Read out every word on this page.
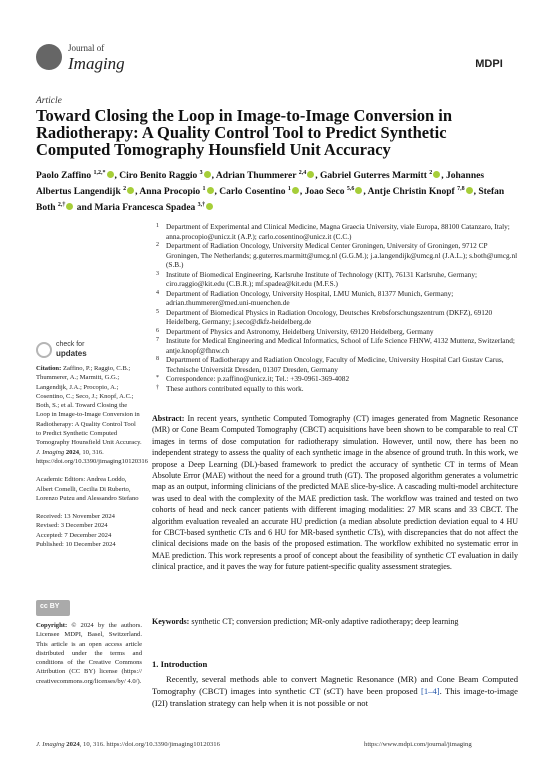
Journal of
Imaging	MDPI
Article
Toward Closing the Loop in Image-to-Image Conversion in Radiotherapy: A Quality Control Tool to Predict Synthetic Computed Tomography Hounsfield Unit Accuracy
Paolo Zaffino $^{1,2,*}$ , Ciro Benito Raggio $^3$ , Adrian Thummerer $^{2,4}$ , Gabriel Guterres Marmitt $^2$ , Johannes Albertus Langendijk $^2$ , Anna Procopio $^1$ , Carlo Cosentino $^1$ , Joao Seco $^{5,6}$ , Antje Christin Knopf $^{7,8}$ , Stefan Both $^{2,\dagger}$ and Maria Francesca Spadea $^{3,\dagger}$
1 Department of Experimental and Clinical Medicine, Magna Graecia University, viale Europa, 88100 Catanzaro, Italy; anna.procopio@unicz.it (A.P.); carlo.cosentino@unicz.it (C.C.)
2 Department of Radiation Oncology, University Medical Center Groningen, University of Groningen, 9712 CP Groningen, The Netherlands; g.guterres.marmitt@umcg.nl (G.G.M.); j.a.langendijk@umcg.nl (J.A.L.); s.both@umcg.nl (S.B.)
3 Institute of Biomedical Engineering, Karlsruhe Institute of Technology (KIT), 76131 Karlsruhe, Germany; ciro.raggio@kit.edu (C.B.R.); mf.spadea@kit.edu (M.F.S.)
4 Department of Radiation Oncology, University Hospital, LMU Munich, 81377 Munich, Germany; adrian.thummerer@med.uni-muenchen.de
5 Department of Biomedical Physics in Radiation Oncology, Deutsches Krebsforschungszentrum (DKFZ), 69120 Heidelberg, Germany; j.seco@dkfz-heidelberg.de
6 Department of Physics and Astronomy, Heidelberg University, 69120 Heidelberg, Germany
7 Institute for Medical Engineering and Medical Informatics, School of Life Science FHNW, 4132 Muttenz, Switzerland; antje.knopf@fhnw.ch
8 Department of Radiotherapy and Radiation Oncology, Faculty of Medicine, University Hospital Carl Gustav Carus, Technische Universität Dresden, 01307 Dresden, Germany
* Correspondence: p.zaffino@unicz.it; Tel.: +39-0961-369-4082
† These authors contributed equally to this work.
check for
updates

Citation: Zaffino, P.; Raggio, C.B.; Thummerer, A.; Marmitt, G.G.; Langendijk, J.A.; Procopio, A.; Cosentino, C.; Seco, J.; Knopf, A.C.; Both, S.; et al. Toward Closing the Loop in Image-to-Image Conversion in Radiotherapy: A Quality Control Tool to Predict Synthetic Computed Tomography Hounsfield Unit Accuracy. J. Imaging 2024, 10, 316. https://doi.org/10.3390/jimaging10120316

Academic Editors: Andrea Loddo, Albert Comelli, Cecilia Di Ruberto, Lorenzo Putzu and Alessandro Stefano

Received: 13 November 2024
Revised: 3 December 2024
Accepted: 7 December 2024
Published: 10 December 2024
cc BY
Copyright: © 2024 by the authors. Licensee MDPI, Basel, Switzerland. This article is an open access article distributed under the terms and conditions of the Creative Commons Attribution (CC BY) license (https:// creativecommons.org/licenses/by/ 4.0/).
Abstract: In recent years, synthetic Computed Tomography (CT) images generated from Magnetic Resonance (MR) or Cone Beam Computed Tomography (CBCT) acquisitions have been shown to be comparable to real CT images in terms of dose computation for radiotherapy simulation. However, until now, there has been no independent strategy to assess the quality of each synthetic image in the absence of ground truth. In this work, we propose a Deep Learning (DL)-based framework to predict the accuracy of synthetic CT in terms of Mean Absolute Error (MAE) without the need for a ground truth (GT). The proposed algorithm generates a volumetric map as an output, informing clinicians of the predicted MAE slice-by-slice. A cascading multi-model architecture was used to deal with the complexity of the MAE prediction task. The workflow was trained and tested on two cohorts of head and neck cancer patients with different imaging modalities: 27 MR scans and 33 CBCT. The algorithm evaluation revealed an accurate HU prediction (a median absolute prediction deviation equal to 4 HU for CBCT-based synthetic CTs and 6 HU for MR-based synthetic CTs), with discrepancies that do not affect the clinical decisions made on the basis of the proposed estimation. The workflow exhibited no systematic error in MAE prediction. This work represents a proof of concept about the feasibility of synthetic CT evaluation in daily clinical practice, and it paves the way for future patient-specific quality assessment strategies.
Keywords: synthetic CT; conversion prediction; MR-only adaptive radiotherapy; deep learning
1. Introduction
Recently, several methods able to convert Magnetic Resonance (MR) and Cone Beam Computed Tomography (CBCT) images into synthetic CT (sCT) have been proposed [1–4]. This image-to-image (I2I) translation strategy can help when it is not possible or not
J. Imaging 2024, 10, 316. https://doi.org/10.3390/jimaging10120316	https://www.mdpi.com/journal/jimaging
